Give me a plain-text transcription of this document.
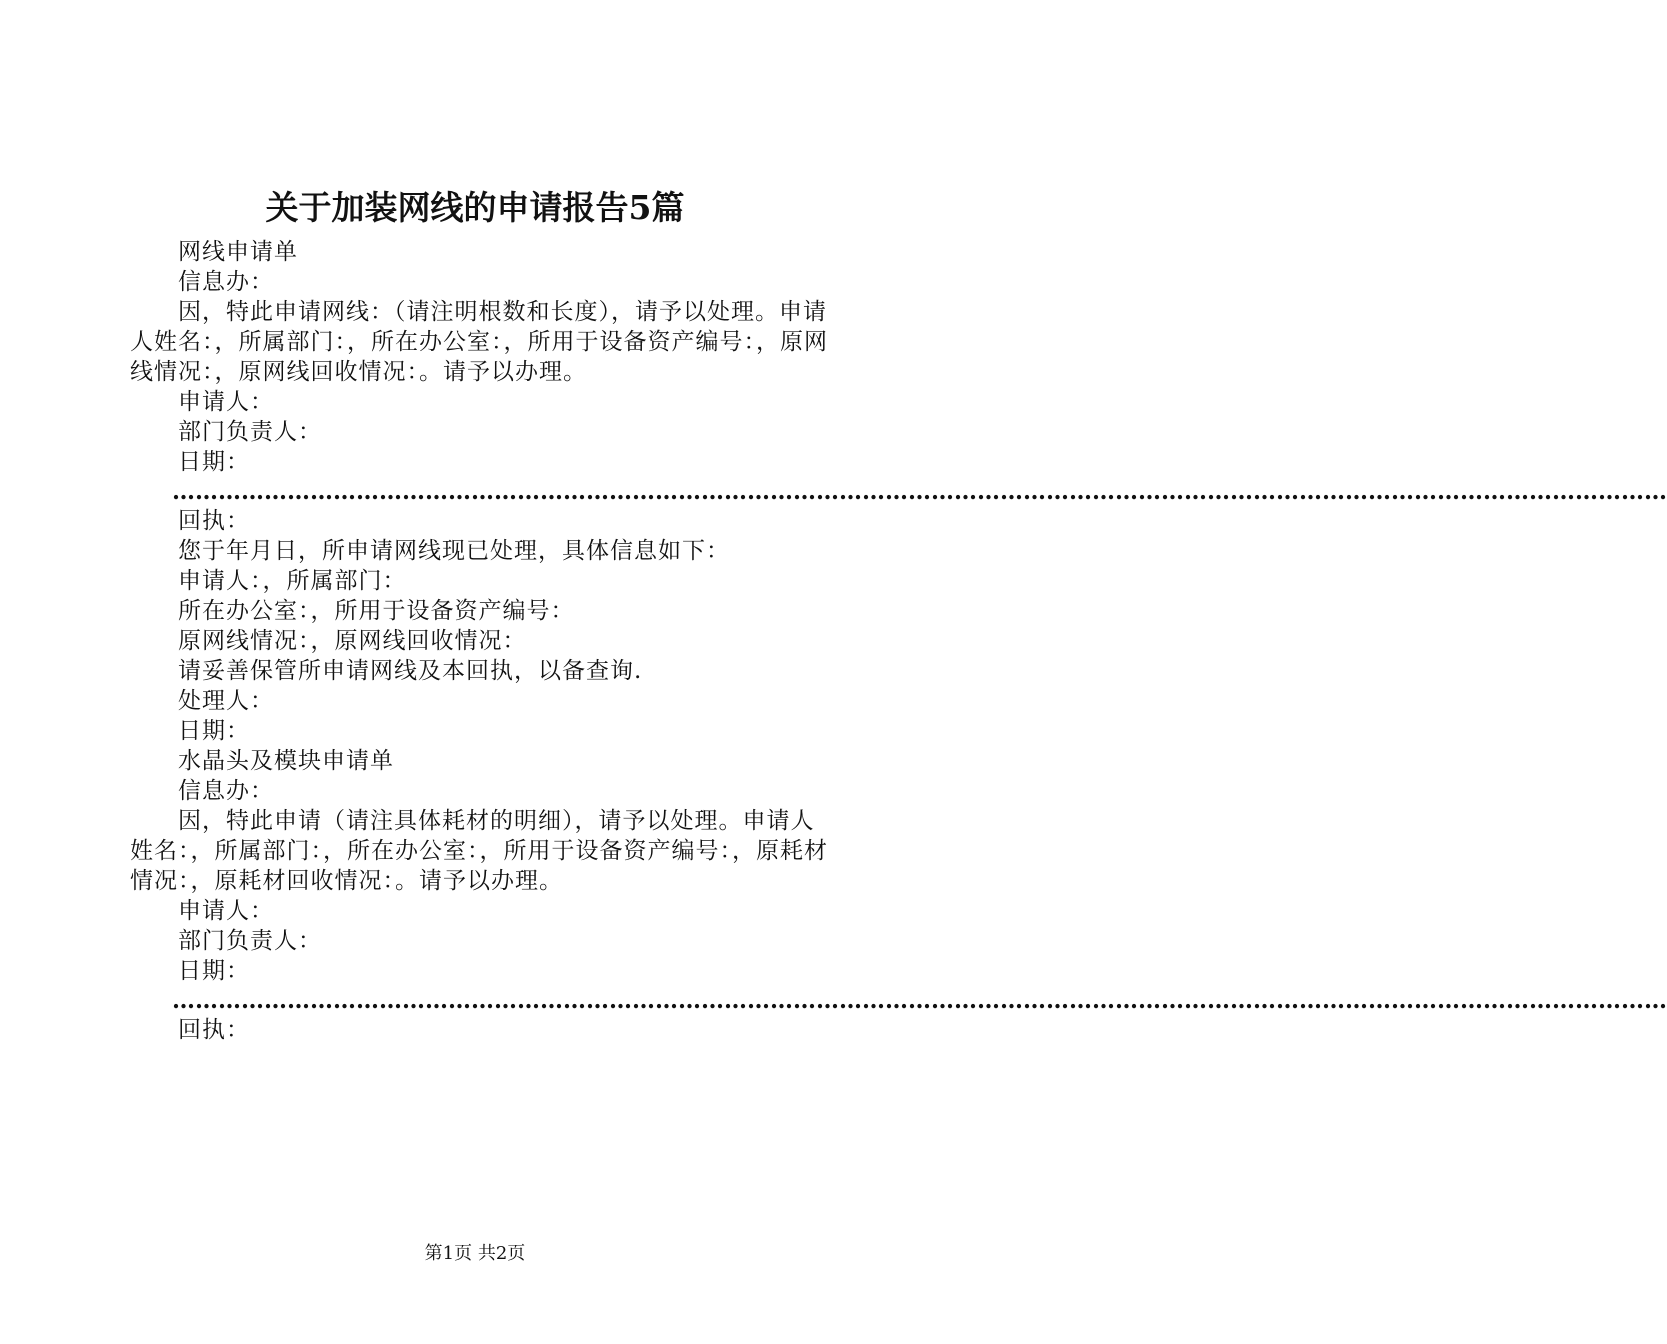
关于加装网线的申请报告5篇

网线申请单

信息办：

因，特此申请网线：（请注明根数和长度），请予以处理。申请人姓名：，所属部门：，所在办公室：，所用于设备资产编号：，原网线情况：，原网线回收情况：。请予以办理。

申请人：

部门负责人：

日期：

……………………………………………………………………………………………………………………………………………………………………………

回执：

您于年月日，所申请网线现已处理，具体信息如下：

申请人：，所属部门：

所在办公室：，所用于设备资产编号：

原网线情况：，原网线回收情况：

请妥善保管所申请网线及本回执，以备查询.

处理人：

日期：

水晶头及模块申请单

信息办：

因，特此申请（请注具体耗材的明细），请予以处理。申请人姓名：，所属部门：，所在办公室：，所用于设备资产编号：，原耗材情况：，原耗材回收情况：。请予以办理。

申请人：

部门负责人：

日期：

……………………………………………………………………………………………………………………………………………………………………………

回执：

第1页 共2页
